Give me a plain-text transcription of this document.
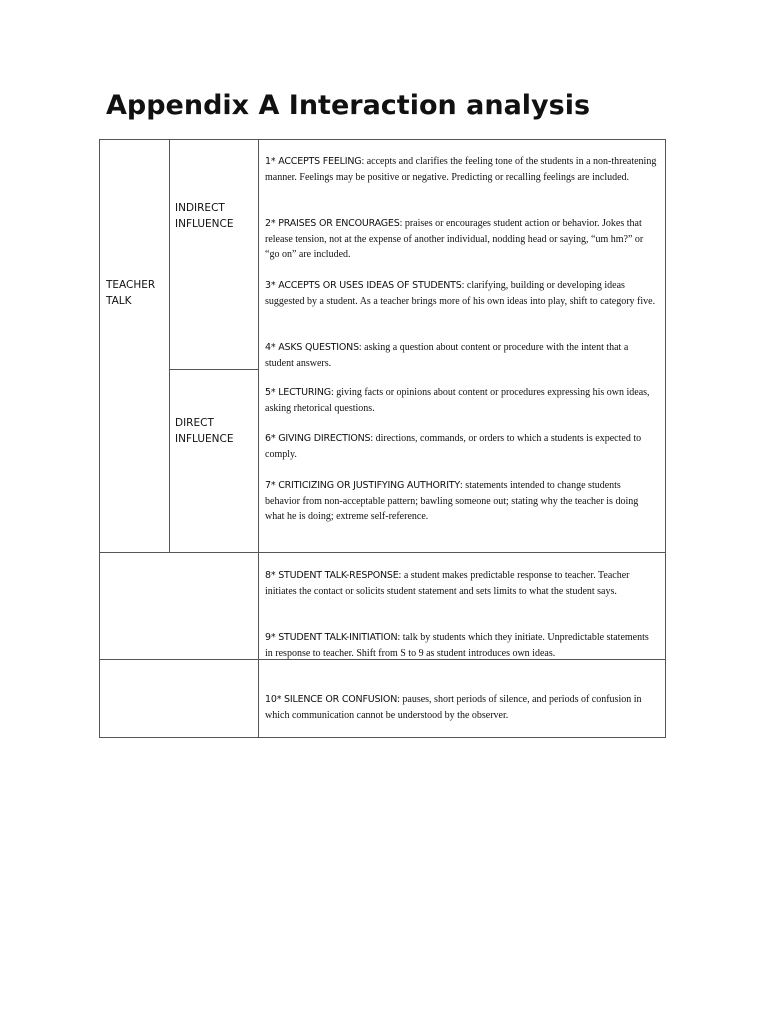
Appendix A Interaction analysis
TEACHER
TALK
INDIRECT
INFLUENCE
DIRECT
INFLUENCE

1* ACCEPTS FEELING: accepts and clarifies the feeling tone of the students in a non-threatening manner. Feelings may be positive or negative. Predicting or recalling feelings are included.

2* PRAISES OR ENCOURAGES: praises or encourages student action or behavior. Jokes that release tension, not at the expense of another individual, nodding head or saying, “um hm?” or “go on” are included.

3* ACCEPTS OR USES IDEAS OF STUDENTS: clarifying, building or developing ideas suggested by a student. As a teacher brings more of his own ideas into play, shift to category five.

4* ASKS QUESTIONS: asking a question about content or procedure with the intent that a student answers.

5* LECTURING: giving facts or opinions about content or procedures expressing his own ideas, asking rhetorical questions.

6* GIVING DIRECTIONS: directions, commands, or orders to which a students is expected to comply.

7* CRITICIZING OR JUSTIFYING AUTHORITY: statements intended to change students behavior from non-acceptable pattern; bawling someone out; stating why the teacher is doing what he is doing; extreme self-reference.

8* STUDENT TALK-RESPONSE: a student makes predictable response to teacher. Teacher initiates the contact or solicits student statement and sets limits to what the student says.

9* STUDENT TALK-INITIATION: talk by students which they initiate. Unpredictable statements in response to teacher. Shift from S to 9 as student introduces own ideas.

10* SILENCE OR CONFUSION: pauses, short periods of silence, and periods of confusion in which communication cannot be understood by the observer.
